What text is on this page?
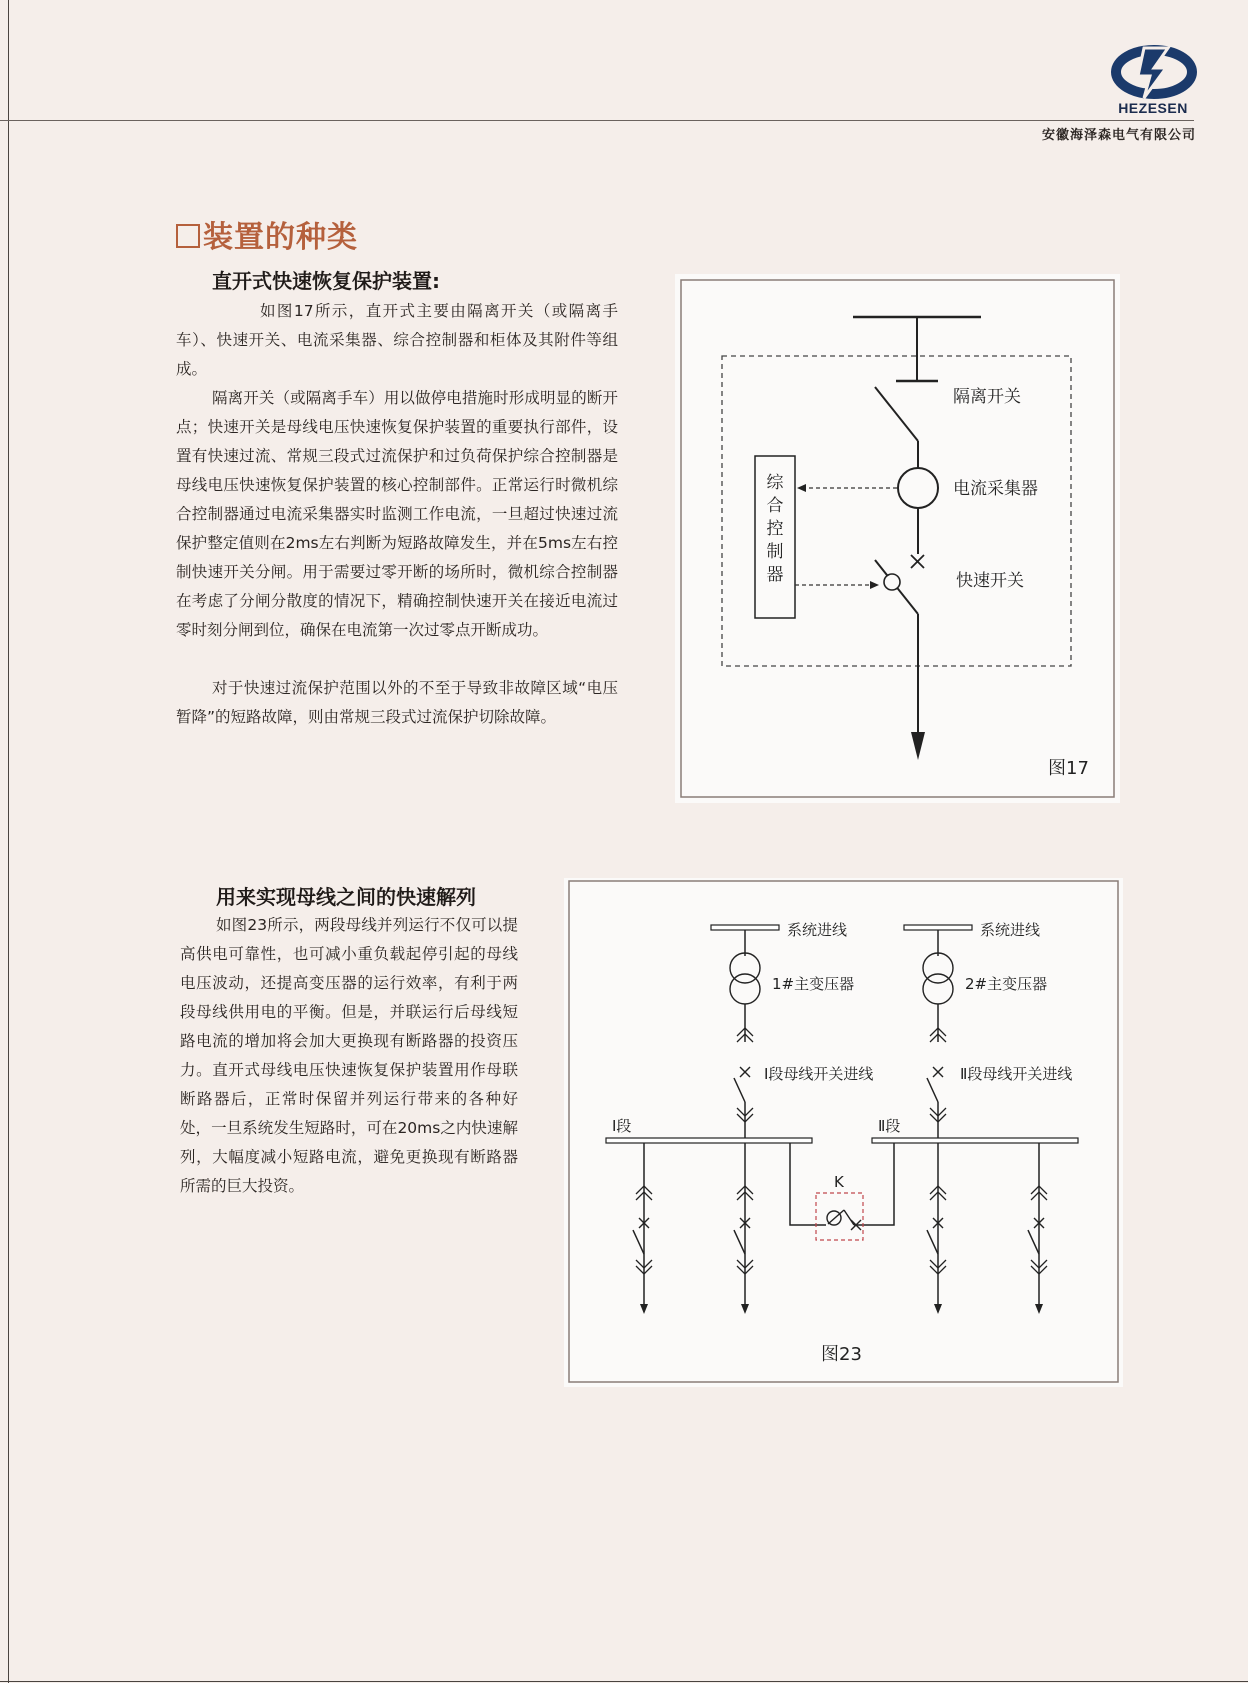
HEZESEN
安徽海泽森电气有限公司
装置的种类
直开式快速恢复保护装置:
如图17所示，直开式主要由隔离开关（或隔离手车）、快速开关、电流采集器、综合控制器和柜体及其附件等组成。
隔离开关（或隔离手车）用以做停电措施时形成明显的断开点；快速开关是母线电压快速恢复保护装置的重要执行部件，设置有快速过流、常规三段式过流保护和过负荷保护综合控制器是母线电压快速恢复保护装置的核心控制部件。正常运行时微机综合控制器通过电流采集器实时监测工作电流，一旦超过快速过流保护整定值则在2ms左右判断为短路故障发生，并在5ms左右控制快速开关分闸。用于需要过零开断的场所时，微机综合控制器在考虑了分闸分散度的情况下，精确控制快速开关在接近电流过零时刻分闸到位，确保在电流第一次过零点开断成功。
对于快速过流保护范围以外的不至于导致非故障区域“电压暂降”的短路故障，则由常规三段式过流保护切除故障。
用来实现母线之间的快速解列
如图23所示，两段母线并列运行不仅可以提高供电可靠性，也可减小重负载起停引起的母线电压波动，还提高变压器的运行效率，有利于两段母线供用电的平衡。但是，并联运行后母线短路电流的增加将会加大更换现有断路器的投资压力。直开式母线电压快速恢复保护装置用作母联断路器后，正常时保留并列运行带来的各种好处，一旦系统发生短路时，可在20ms之内快速解列，大幅度减小短路电流，避免更换现有断路器所需的巨大投资。
隔离开关
电流采集器
快速开关
综
合
控
制
器
图17
系统进线
1#主变压器
Ⅰ段母线开关进线
系统进线
2#主变压器
Ⅱ段母线开关进线
Ⅰ段	Ⅱ段
K
图23
